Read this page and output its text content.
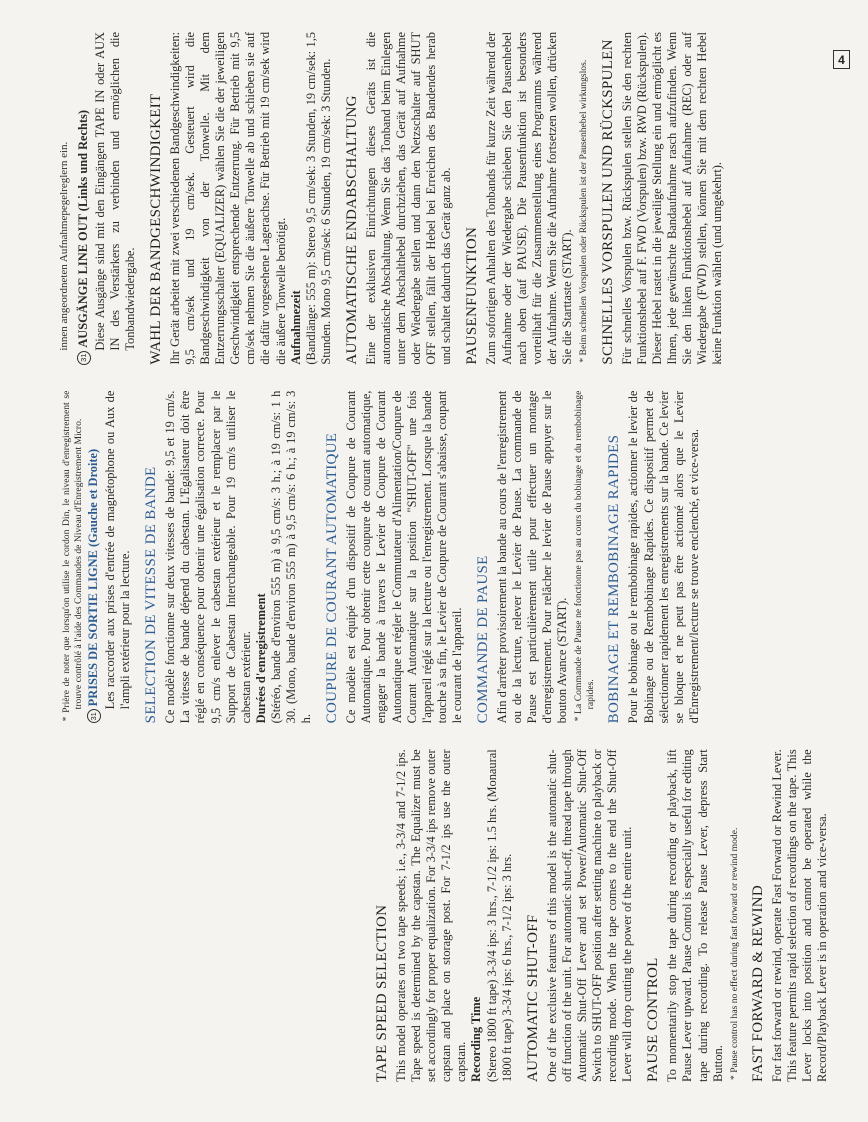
4
TAPE SPEED SELECTION This model operates on two tape speeds; i.e., 3-3/4 and 7-1/2 ips. Tape speed is determined by the capstan. The Equalizer must be set accordingly for proper equalization. For 3-3/4 ips remove outer capstan and place on storage post. For 7-1/2 ips use the outer capstan. Recording Time (Stereo 1800 ft tape) 3-3/4 ips: 3 hrs., 7-1/2 ips: 1.5 hrs. (Monaural 1800 ft tape) 3-3/4 ips: 6 hrs., 7-1/2 ips: 3 hrs. AUTOMATIC SHUT-OFF One of the exclusive features of this model is the automatic shut-off function of the unit. For automatic shut-off, thread tape through Automatic Shut-Off Lever and set Power/Automatic Shut-Off Switch to SHUT-OFF position after setting machine to playback or recording mode. When the tape comes to the end the Shut-Off Lever will drop cutting the power of the entire unit. PAUSE CONTROL To momentarily stop the tape during recording or playback, lift Pause Lever upward. Pause Control is especially useful for editing tape during recording. To release Pause Lever, depress Start Button. * Pause control has no effect during fast forward or rewind mode. FAST FORWARD & REWIND For fast forward or rewind, operate Fast Forward or Rewind Lever. This feature permits rapid selection of recordings on the tape. This Lever locks into position and cannot be operated while the Record/Playback Lever is in operation and vice-versa.

* Prière de noter que lorsqu'on utilise le cordon Din, le niveau d'enregistrement se trouve contrôlé à l'aide des Commandes de Niveau d'Enregistrement Micro.

31PRISES DE SORTIE LIGNE (Gauche et Droite) Les raccorder aux prises d'entrée de magnétophone ou Aux de l'ampli extérieur pour la lecture. SELECTION DE VITESSE DE BANDE Ce modèle fonctionne sur deux vitesses de bande: 9,5 et 19 cm/s. La vitesse de bande dépend du cabestan. L'Egalisateur doit être réglé en conséquence pour obtenir une égalisation correcte. Pour 9,5 cm/s enlever le cabestan extérieur et le remplacer par le Support de Cabestan Interchangeable. Pour 19 cm/s utiliser le cabestan extérieur. Durées d'enregistrement (Stéréo, bande d'environ 555 m) à 9,5 cm/s: 3 h.; à 19 cm/s: 1 h 30. (Mono, bande d'environ 555 m) à 9,5 cm/s: 6 h.; à 19 cm/s: 3 h. COUPURE DE COURANT AUTOMATIQUE Ce modèle est équipé d'un dispositif de Coupure de Courant Automatique. Pour obtenir cette coupure de courant automatique, engager la bande à travers le Levier de Coupure de Courant Automatique et régler le Commutateur d'Alimentation/Coupure de Courant Automatique sur la position "SHUT-OFF" une fois l'appareil réglé sur la lecture ou l'enregistrement. Lorsque la bande touche à sa fin, le Levier de Coupure de Courant s'abaisse, coupant le courant de l'appareil. COMMANDE DE PAUSE Afin d'arrêter provisoirement la bande au cours de l'enregistrement ou de la lecture, relever le Levier de Pause. La commande de Pause est particulièrement utile pour effectuer un montage d'enregistrement. Pour relâcher le levier de Pause appuyer sur le bouton Avance (START). * La Commande de Pause ne fonctionne pas au cours du bobinage et du rembobinage rapides. BOBINAGE ET REMBOBINAGE RAPIDES Pour le bobinage ou le rembobinage rapides, actionner le levier de Bobinage ou de Rembobinage Rapides. Ce dispositif permet de sélectionner rapidement les enregistrements sur la bande. Ce levier se bloque et ne peut pas être actionné alors que le Levier d'Enregistrement/lecture se trouve enclenché, et vice-versa.

innen angeordneten Aufnahmepegelreglern ein.

31AUSGÄNGE LINE OUT (Links und Rechts) Diese Ausgänge sind mit den Eingängen TAPE IN oder AUX IN des Verstärkers zu verbinden und ermöglichen die Tonbandwiedergabe. WAHL DER BANDGESCHWINDIGKEIT Ihr Gerät arbeitet mit zwei verschiedenen Bandgeschwindigkeiten: 9,5 cm/sek und 19 cm/sek. Gesteuert wird die Bandgeschwindigkeit von der Tonwelle. Mit dem Entzerrungsschalter (EQUALIZER) wählen Sie die der jeweiligen Geschwindigkeit entsprechende Entzerrung. Für Betrieb mit 9,5 cm/sek nehmen Sie die äußere Tonwelle ab und schieben sie auf die dafür vorgesehene Lagerachse. Für Betrieb mit 19 cm/sek wird die äußere Tonwelle benötigt. Aufnahmezeit (Bandlänge: 555 m): Stereo 9,5 cm/sek: 3 Stunden, 19 cm/sek: 1,5 Stunden. Mono 9,5 cm/sek: 6 Stunden, 19 cm/sek: 3 Stunden. AUTOMATISCHE ENDABSCHALTUNG Eine der exklusiven Einrichtungen dieses Geräts ist die automatische Abschaltung. Wenn Sie das Tonband beim Einlegen unter dem Abschalthebel durchziehen, das Gerät auf Aufnahme oder Wiedergabe stellen und dann den Netzschalter auf SHUT OFF stellen, fällt der Hebel bei Erreichen des Bandendes herab und schaltet dadurch das Gerät ganz ab. PAUSENFUNKTION Zum sofortigen Anhalten des Tonbands für kurze Zeit während der Aufnahme oder der Wiedergabe schieben Sie den Pausenhebel nach oben (auf PAUSE). Die Pausenfunktion ist besonders vorteilhaft für die Zusammenstellung eines Programms während der Aufnahme. Wenn Sie die Aufnahme fortsetzen wollen, drücken Sie die Starttaste (START). * Beim schnellen Vorspulen oder Rückspulen ist der Pausenhebel wirkungslos. SCHNELLES VORSPULEN UND RÜCKSPULEN Für schnelles Vorspulen bzw. Rückspulen stellen Sie den rechten Funktionshebel auf F. FWD (Vorspulen) bzw. RWD (Rückspulen). Dieser Hebel rastet in die jeweilige Stellung ein und ermöglicht es Ihnen, jede gewünschte Bandaufnahme rasch aufzufinden. Wenn Sie den linken Funktionshebel auf Aufnahme (REC) oder auf Wiedergabe (FWD) stellen, können Sie mit dem rechten Hebel keine Funktion wählen (und umgekehrt).
